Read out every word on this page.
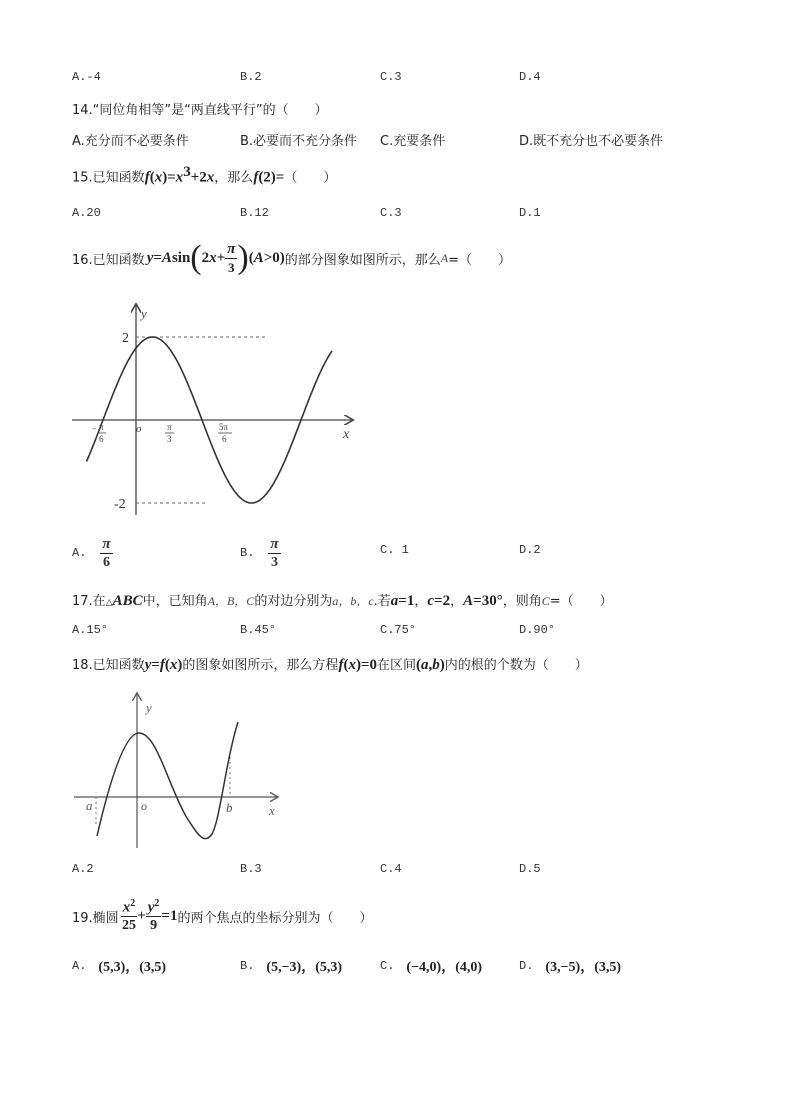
A.-4	B.2	C.3	D.4
14.“同位角相等”是“两直线平行”的（　　）
A.充分而不必要条件	B.必要而不充分条件 C.充要条件	D.既不充分也不必要条件
15.已知函数$f(x)=x^3+2x$，那么f(2)=（　　）
A.20	B.12	C.3	D.1
16.已知函数 y = A sin ( 2 $x + \frac{\pi}{3}$ ) ( A >0) 的部分图象如图所示，那么 A =（　　）
y
x
o
2
-2
- π
6
π
3
5π
6
A. $\frac{\pi}{6}$	B. $\frac{\pi}{3}$	C. 1	D.2
17.在△ABC中，已知角A，B，C的对边分别为a，b，c.若a=1，c=2，A=30°，则角C=（　　）
A.15°	B.45°	C.75°	D.90°
18.已知函数y=f(x)的图象如图所示，那么方程f(x)=0在区间(a,b)内的根的个数为（　　）
y
x
o
a	b
A.2	B.3	C.4	D.5
19.椭圆 $\frac{x^2}{25} + \frac{y^2}{9} =1$ 的两个焦点的坐标分别为（　　）
A. (5,3)，(3,5)	B. (5,−3)，(5,3)	C. (−4,0)，(4,0)	D. (3,−5)，(3,5)
